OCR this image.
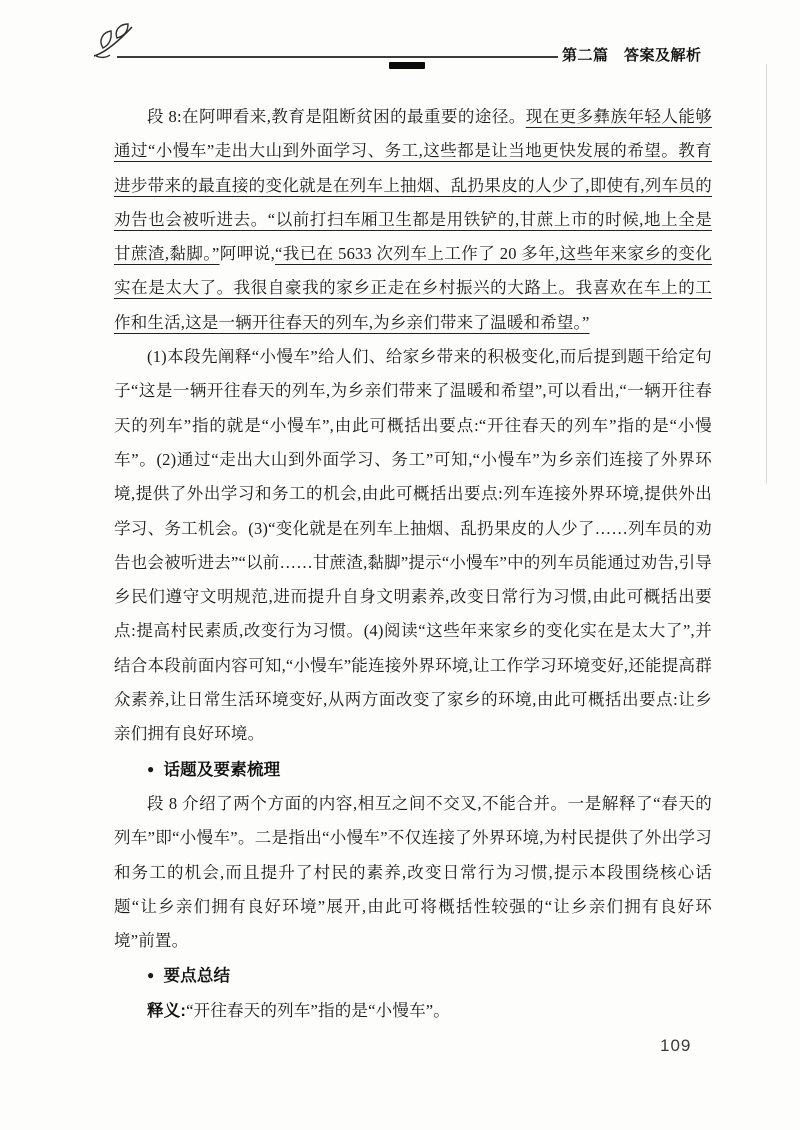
第二篇　答案及解析

段 8:在阿呷看来,教育是阻断贫困的最重要的途径。现在更多彝族年轻人能够通过“小慢车”走出大山到外面学习、务工,这些都是让当地更快发展的希望。教育进步带来的最直接的变化就是在列车上抽烟、乱扔果皮的人少了,即使有,列车员的劝告也会被听进去。“以前打扫车厢卫生都是用铁铲的,甘蔗上市的时候,地上全是甘蔗渣,黏脚。”阿呷说,“我已在 5633 次列车上工作了 20 多年,这些年来家乡的变化实在是太大了。我很自豪我的家乡正走在乡村振兴的大路上。我喜欢在车上的工作和生活,这是一辆开往春天的列车,为乡亲们带来了温暖和希望。”

(1)本段先阐释“小慢车”给人们、给家乡带来的积极变化,而后提到题干给定句子“这是一辆开往春天的列车,为乡亲们带来了温暖和希望”,可以看出,“一辆开往春天的列车”指的就是“小慢车”,由此可概括出要点:“开往春天的列车”指的是“小慢车”。(2)通过“走出大山到外面学习、务工”可知,“小慢车”为乡亲们连接了外界环境,提供了外出学习和务工的机会,由此可概括出要点:列车连接外界环境,提供外出学习、务工机会。(3)“变化就是在列车上抽烟、乱扔果皮的人少了……列车员的劝告也会被听进去”“以前……甘蔗渣,黏脚”提示“小慢车”中的列车员能通过劝告,引导乡民们遵守文明规范,进而提升自身文明素养,改变日常行为习惯,由此可概括出要点:提高村民素质,改变行为习惯。(4)阅读“这些年来家乡的变化实在是太大了”,并结合本段前面内容可知,“小慢车”能连接外界环境,让工作学习环境变好,还能提高群众素养,让日常生活环境变好,从两方面改变了家乡的环境,由此可概括出要点:让乡亲们拥有良好环境。

● 话题及要素梳理

段 8 介绍了两个方面的内容,相互之间不交叉,不能合并。一是解释了“春天的列车”即“小慢车”。二是指出“小慢车”不仅连接了外界环境,为村民提供了外出学习和务工的机会,而且提升了村民的素养,改变日常行为习惯,提示本段围绕核心话题“让乡亲们拥有良好环境”展开,由此可将概括性较强的“让乡亲们拥有良好环境”前置。

● 要点总结

释义:“开往春天的列车”指的是“小慢车”。

109
